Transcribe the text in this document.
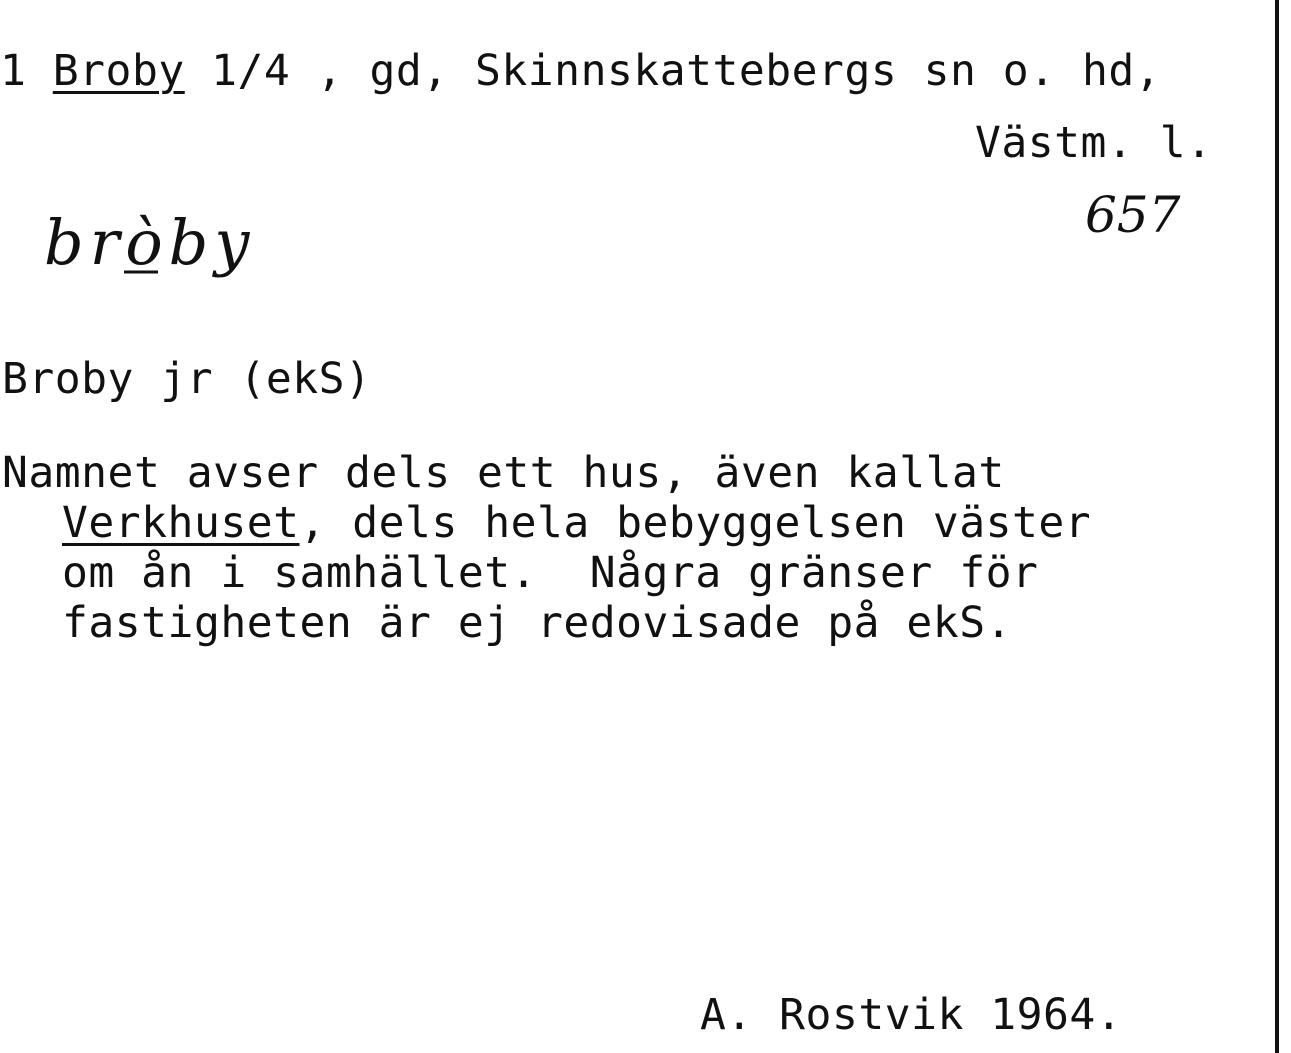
1 Broby 1/4 , gd, Skinnskattebergs sn o. hd,
Västm. l.
bròby	657
Broby jr (ekS)
Namnet avser dels ett hus, även kallat
Verkhuset, dels hela bebyggelsen väster
om ån i samhället.  Några gränser för
fastigheten är ej redovisade på ekS.
A. Rostvik 1964.
